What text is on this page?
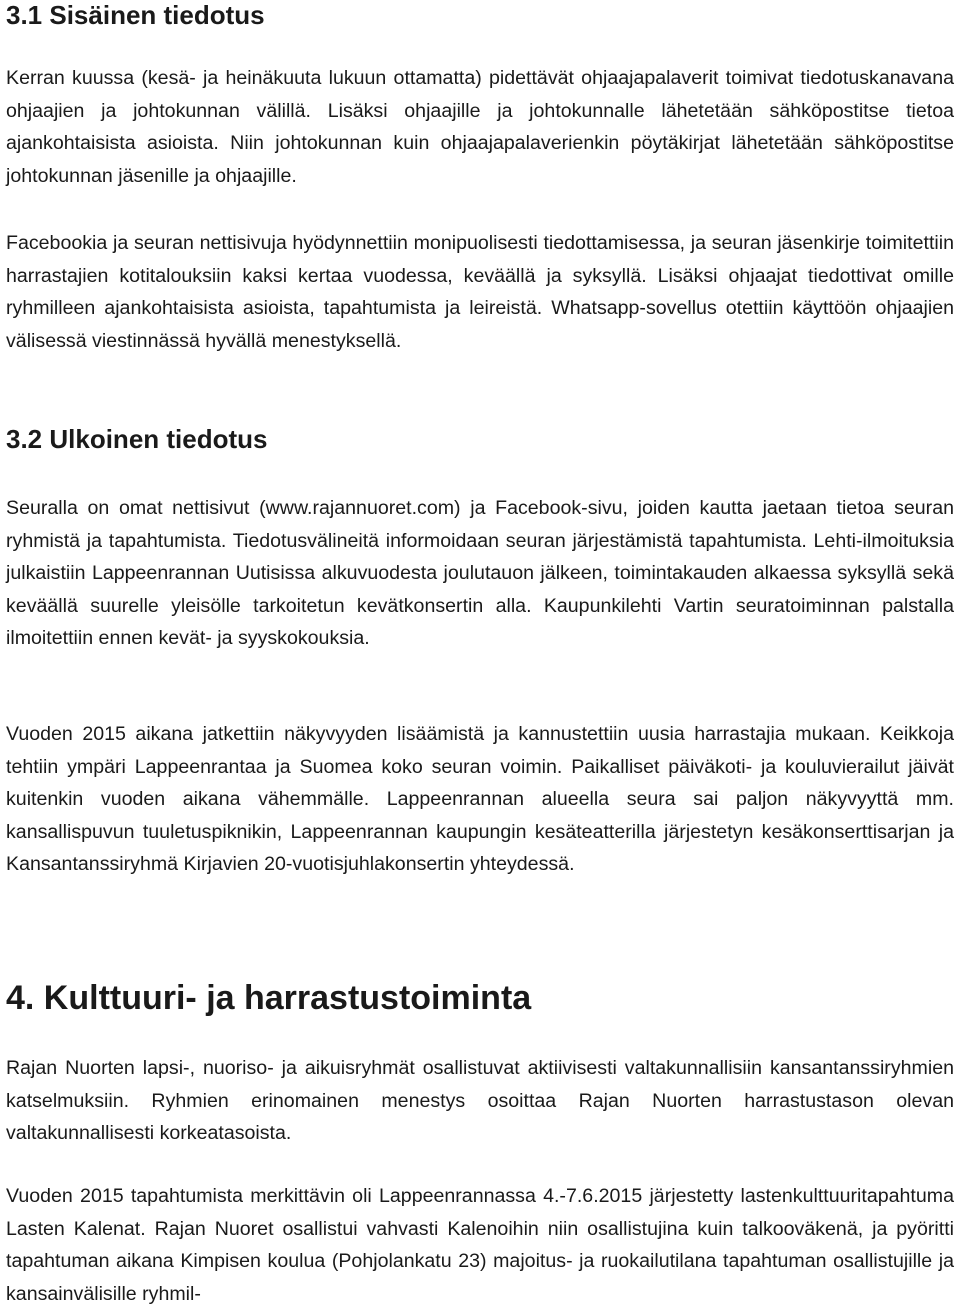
3.1 Sisäinen tiedotus

Kerran kuussa (kesä- ja heinäkuuta lukuun ottamatta) pidettävät ohjaajapalaverit toimivat tiedotuskanavana ohjaajien ja johtokunnan välillä. Lisäksi ohjaajille ja johtokunnalle lähetetään sähköpostitse tietoa ajankohtaisista asioista. Niin johtokunnan kuin ohjaajapalaverienkin pöytäkirjat lähetetään sähköpostitse johtokunnan jäsenille ja ohjaajille.

Facebookia ja seuran nettisivuja hyödynnettiin monipuolisesti tiedottamisessa, ja seuran jäsenkirje toimitettiin harrastajien kotitalouksiin kaksi kertaa vuodessa, keväällä ja syksyllä. Lisäksi ohjaajat tiedottivat omille ryhmilleen ajankohtaisista asioista, tapahtumista ja leireistä. Whatsapp-sovellus otettiin käyttöön ohjaajien välisessä viestinnässä hyvällä menestyksellä.

3.2 Ulkoinen tiedotus

Seuralla on omat nettisivut (www.rajannuoret.com) ja Facebook-sivu, joiden kautta jaetaan tietoa seuran ryhmistä ja tapahtumista. Tiedotusvälineitä informoidaan seuran järjestämistä tapahtumista. Lehti-ilmoituksia julkaistiin Lappeenrannan Uutisissa alkuvuodesta joulutauon jälkeen, toimintakauden alkaessa syksyllä sekä keväällä suurelle yleisölle tarkoitetun kevätkonsertin alla. Kaupunkilehti Vartin seuratoiminnan palstalla ilmoitettiin ennen kevät- ja syyskokouksia.

Vuoden 2015 aikana jatkettiin näkyvyyden lisäämistä ja kannustettiin uusia harrastajia mukaan. Keikkoja tehtiin ympäri Lappeenrantaa ja Suomea koko seuran voimin. Paikalliset päiväkoti- ja kouluvierailut jäivät kuitenkin vuoden aikana vähemmälle. Lappeenrannan alueella seura sai paljon näkyvyyttä mm. kansallispuvun tuuletuspiknikin, Lappeenrannan kaupungin kesäteatterilla järjestetyn kesäkonserttisarjan ja Kansantanssiryhmä Kirjavien 20-vuotisjuhlakonsertin yhteydessä.

4. Kulttuuri- ja harrastustoiminta

Rajan Nuorten lapsi-, nuoriso- ja aikuisryhmät osallistuvat aktiivisesti valtakunnallisiin kansantanssiryhmien katselmuksiin. Ryhmien erinomainen menestys osoittaa Rajan Nuorten harrastustason olevan valtakunnallisesti korkeatasoista.

Vuoden 2015 tapahtumista merkittävin oli Lappeenrannassa 4.-7.6.2015 järjestetty lastenkulttuuritapahtuma Lasten Kalenat. Rajan Nuoret osallistui vahvasti Kalenoihin niin osallistujina kuin talkooväkenä, ja pyöritti tapahtuman aikana Kimpisen koulua (Pohjolankatu 23) majoitus- ja ruokailutilana tapahtuman osallistujille ja kansainvälisille ryhmil-
